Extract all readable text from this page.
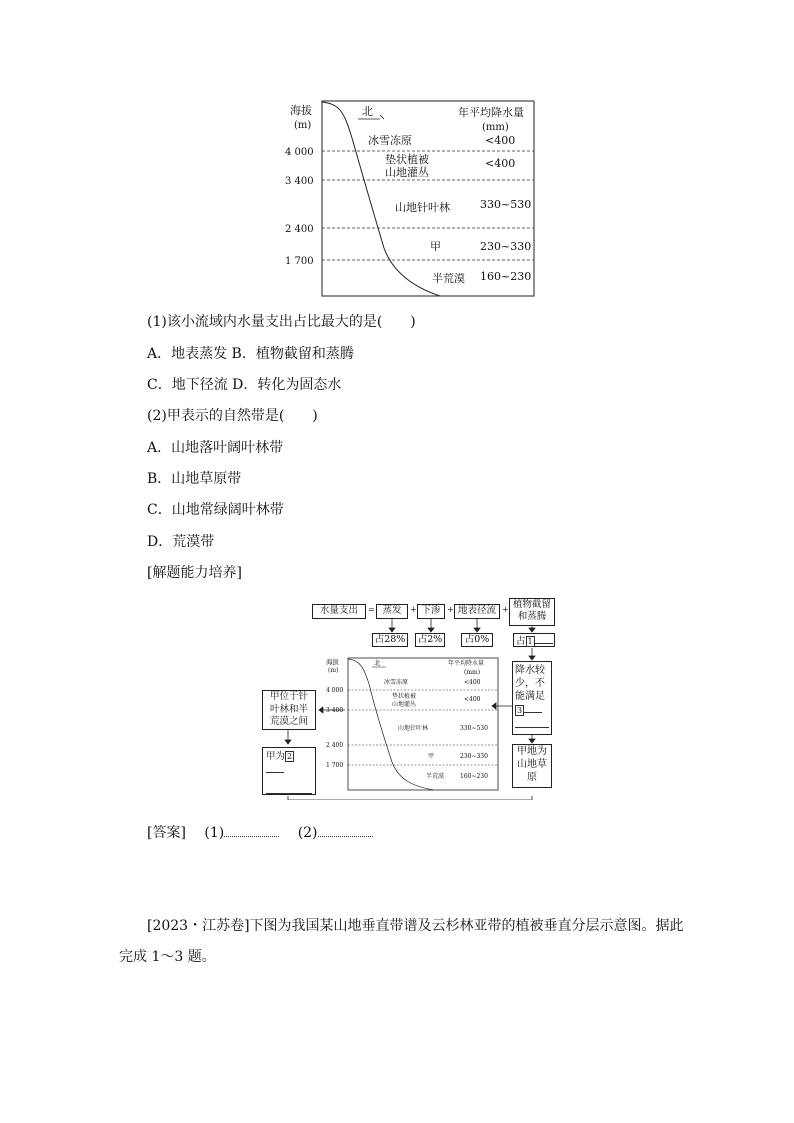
海拔
(m)
北	年平均降水量
(mm)
4 000
3 400
2 400
1 700
冰雪冻原	<400
垫状植被	<400
山地灌丛
山地针叶林	330~530
甲	230~330
半荒漠 160~230
(1)该小流域内水量支出占比最大的是(　　)
A．地表蒸发 B．植物截留和蒸腾
C．地下径流 D．转化为固态水
(2)甲表示的自然带是(　　)
A．山地落叶阔叶林带
B．山地草原带
C．山地常绿阔叶林带
D．荒漠带
[解题能力培养]
水量支出	= 蒸发	+ 下渗 + 地表径流 + 植物截留
和蒸腾
占28% 占2%	占0%	占 1
海拔
(m)
北	年平均降水量
(mm)
4 000
3 400
2 400
1 700
冰雪冻原	<400
垫状植被	<400
山地灌丛
山地针叶林	330~530
甲	230~330
半荒漠	160~230
甲位于针
叶林和半
荒漠之间
甲为 2
降水较
少，不
能满足
3
甲地为
山地草
原
[答案] (1)	(2)
[2023・江苏卷]下图为我国某山地垂直带谱及云杉林亚带的植被垂直分层示意图。据此
完成 1～3 题。
